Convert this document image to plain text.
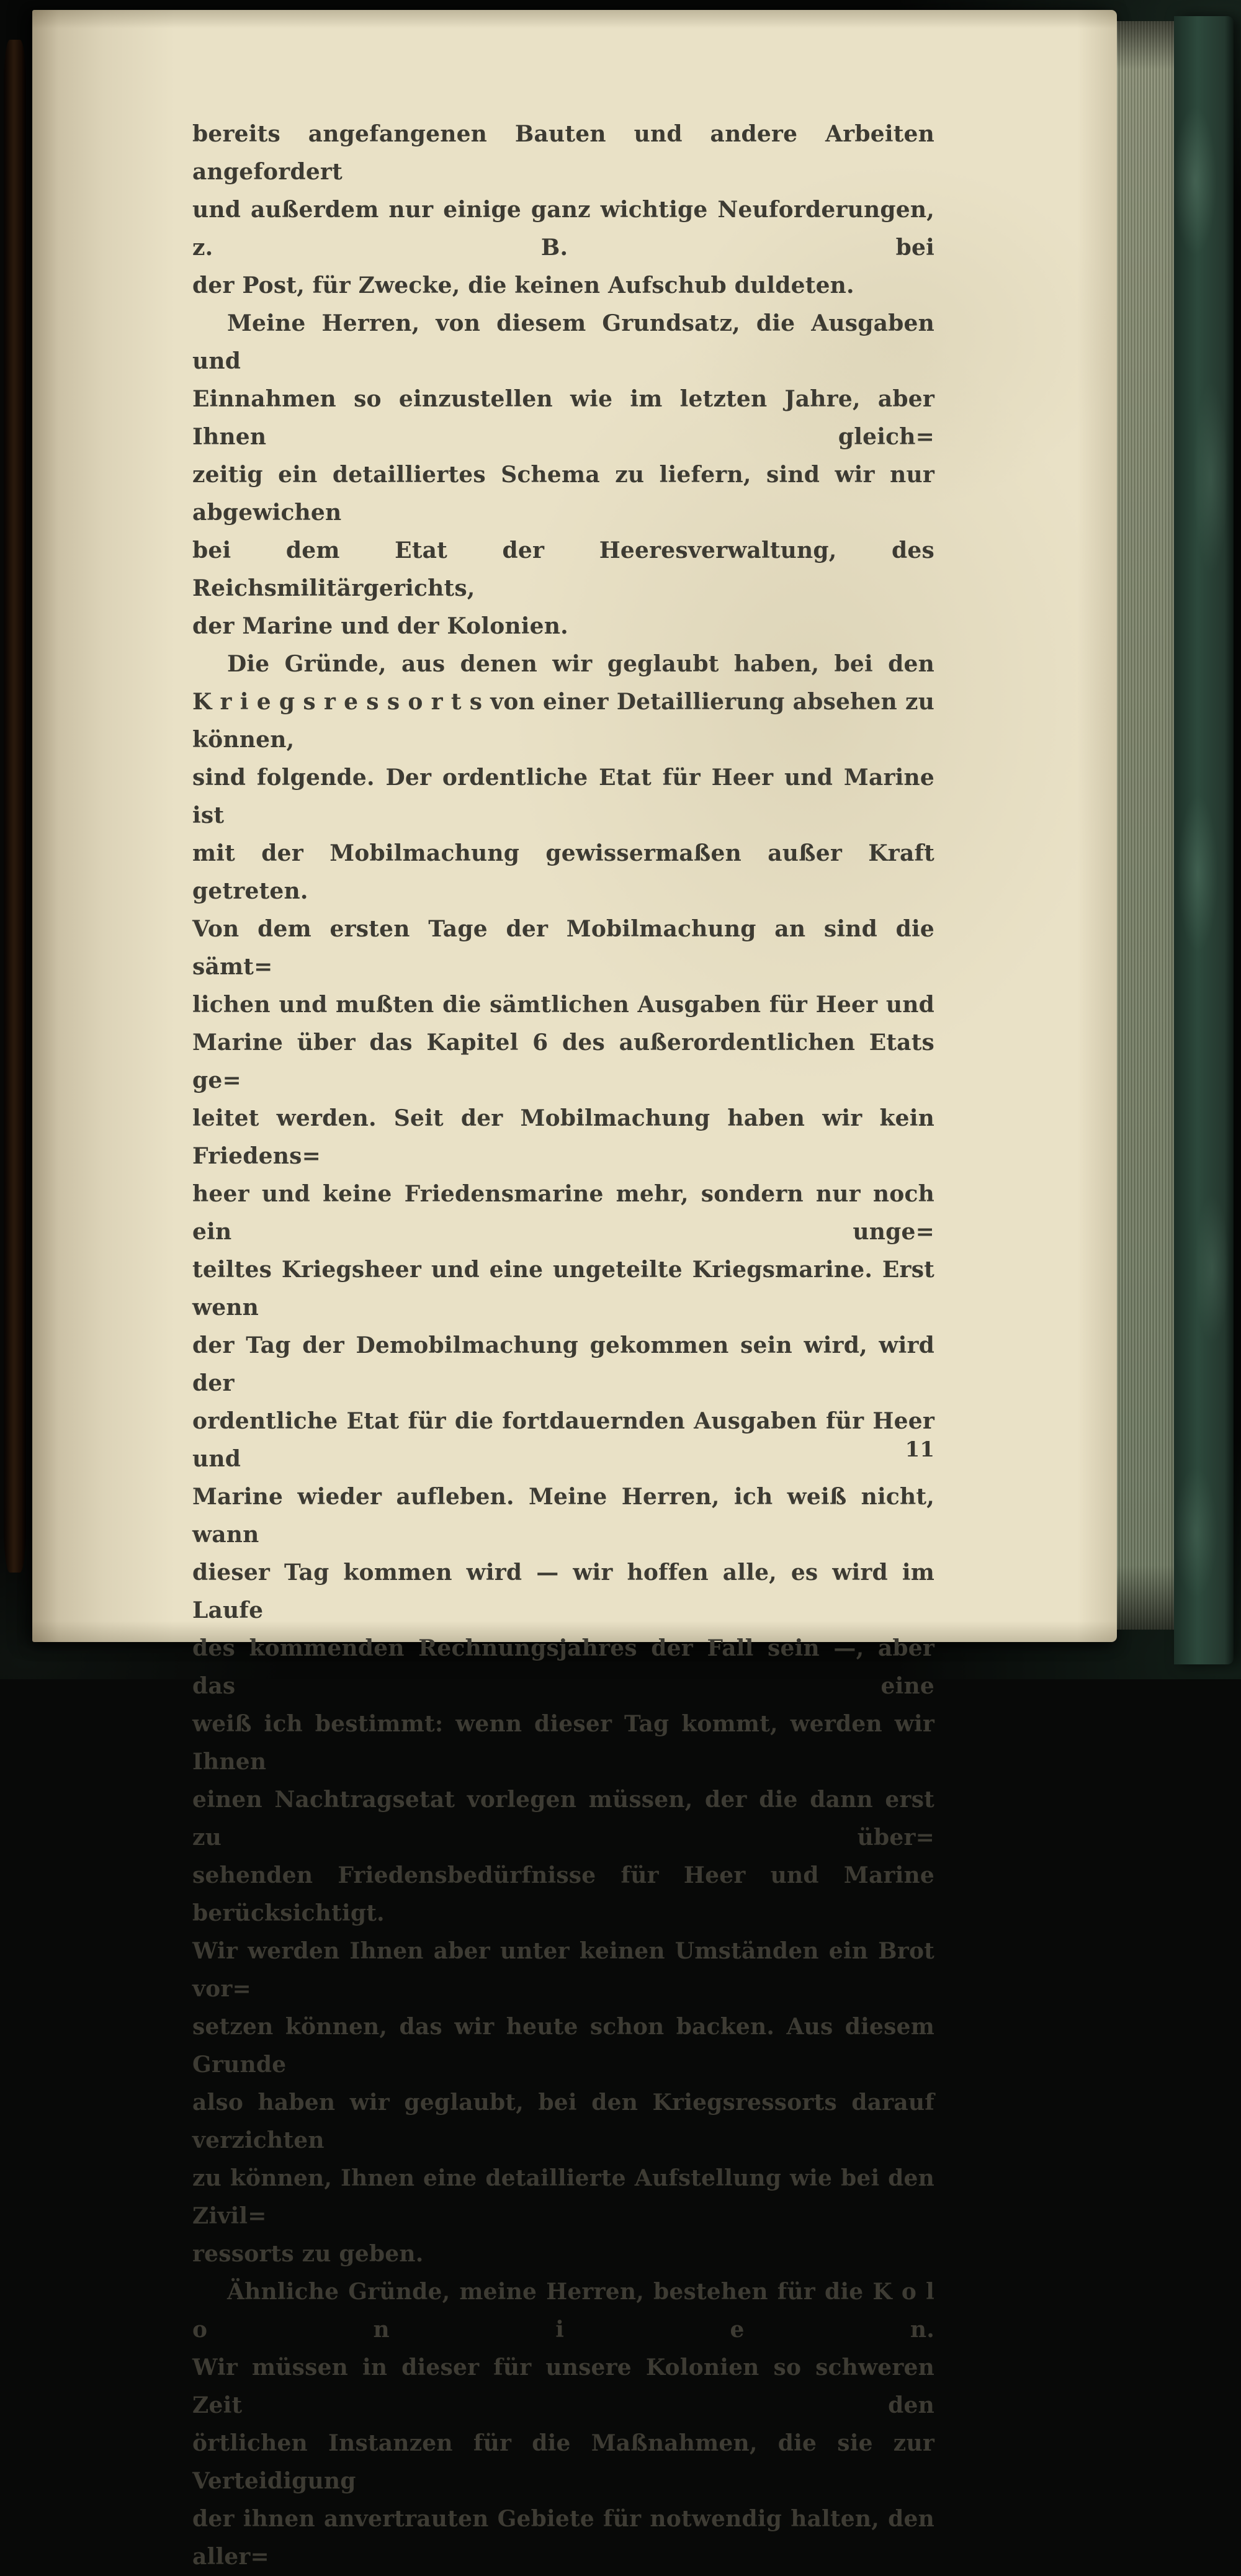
bereits angefangenen Bauten und andere Arbeiten angefordert
und außerdem nur einige ganz wichtige Neuforderungen, z. B. bei
der Post, für Zwecke, die keinen Aufschub duldeten.
Meine Herren, von diesem Grundsatz, die Ausgaben und
Einnahmen so einzustellen wie im letzten Jahre, aber Ihnen gleich=
zeitig ein detailliertes Schema zu liefern, sind wir nur abgewichen
bei dem Etat der Heeresverwaltung, des Reichsmilitärgerichts,
der Marine und der Kolonien.
Die Gründe, aus denen wir geglaubt haben, bei den
K r i e g s r e s s o r t s von einer Detaillierung absehen zu können,
sind folgende. Der ordentliche Etat für Heer und Marine ist
mit der Mobilmachung gewissermaßen außer Kraft getreten.
Von dem ersten Tage der Mobilmachung an sind die sämt=
lichen und mußten die sämtlichen Ausgaben für Heer und
Marine über das Kapitel 6 des außerordentlichen Etats ge=
leitet werden. Seit der Mobilmachung haben wir kein Friedens=
heer und keine Friedensmarine mehr, sondern nur noch ein unge=
teiltes Kriegsheer und eine ungeteilte Kriegsmarine. Erst wenn
der Tag der Demobilmachung gekommen sein wird, wird der
ordentliche Etat für die fortdauernden Ausgaben für Heer und
Marine wieder aufleben. Meine Herren, ich weiß nicht, wann
dieser Tag kommen wird — wir hoffen alle, es wird im Laufe
des kommenden Rechnungsjahres der Fall sein —, aber das eine
weiß ich bestimmt: wenn dieser Tag kommt, werden wir Ihnen
einen Nachtragsetat vorlegen müssen, der die dann erst zu über=
sehenden Friedensbedürfnisse für Heer und Marine berücksichtigt.
Wir werden Ihnen aber unter keinen Umständen ein Brot vor=
setzen können, das wir heute schon backen. Aus diesem Grunde
also haben wir geglaubt, bei den Kriegsressorts darauf verzichten
zu können, Ihnen eine detaillierte Aufstellung wie bei den Zivil=
ressorts zu geben.
Ähnliche Gründe, meine Herren, bestehen für die K o l o n i e n.
Wir müssen in dieser für unsere Kolonien so schweren Zeit den
örtlichen Instanzen für die Maßnahmen, die sie zur Verteidigung
der ihnen anvertrauten Gebiete für notwendig halten, den aller=
11
